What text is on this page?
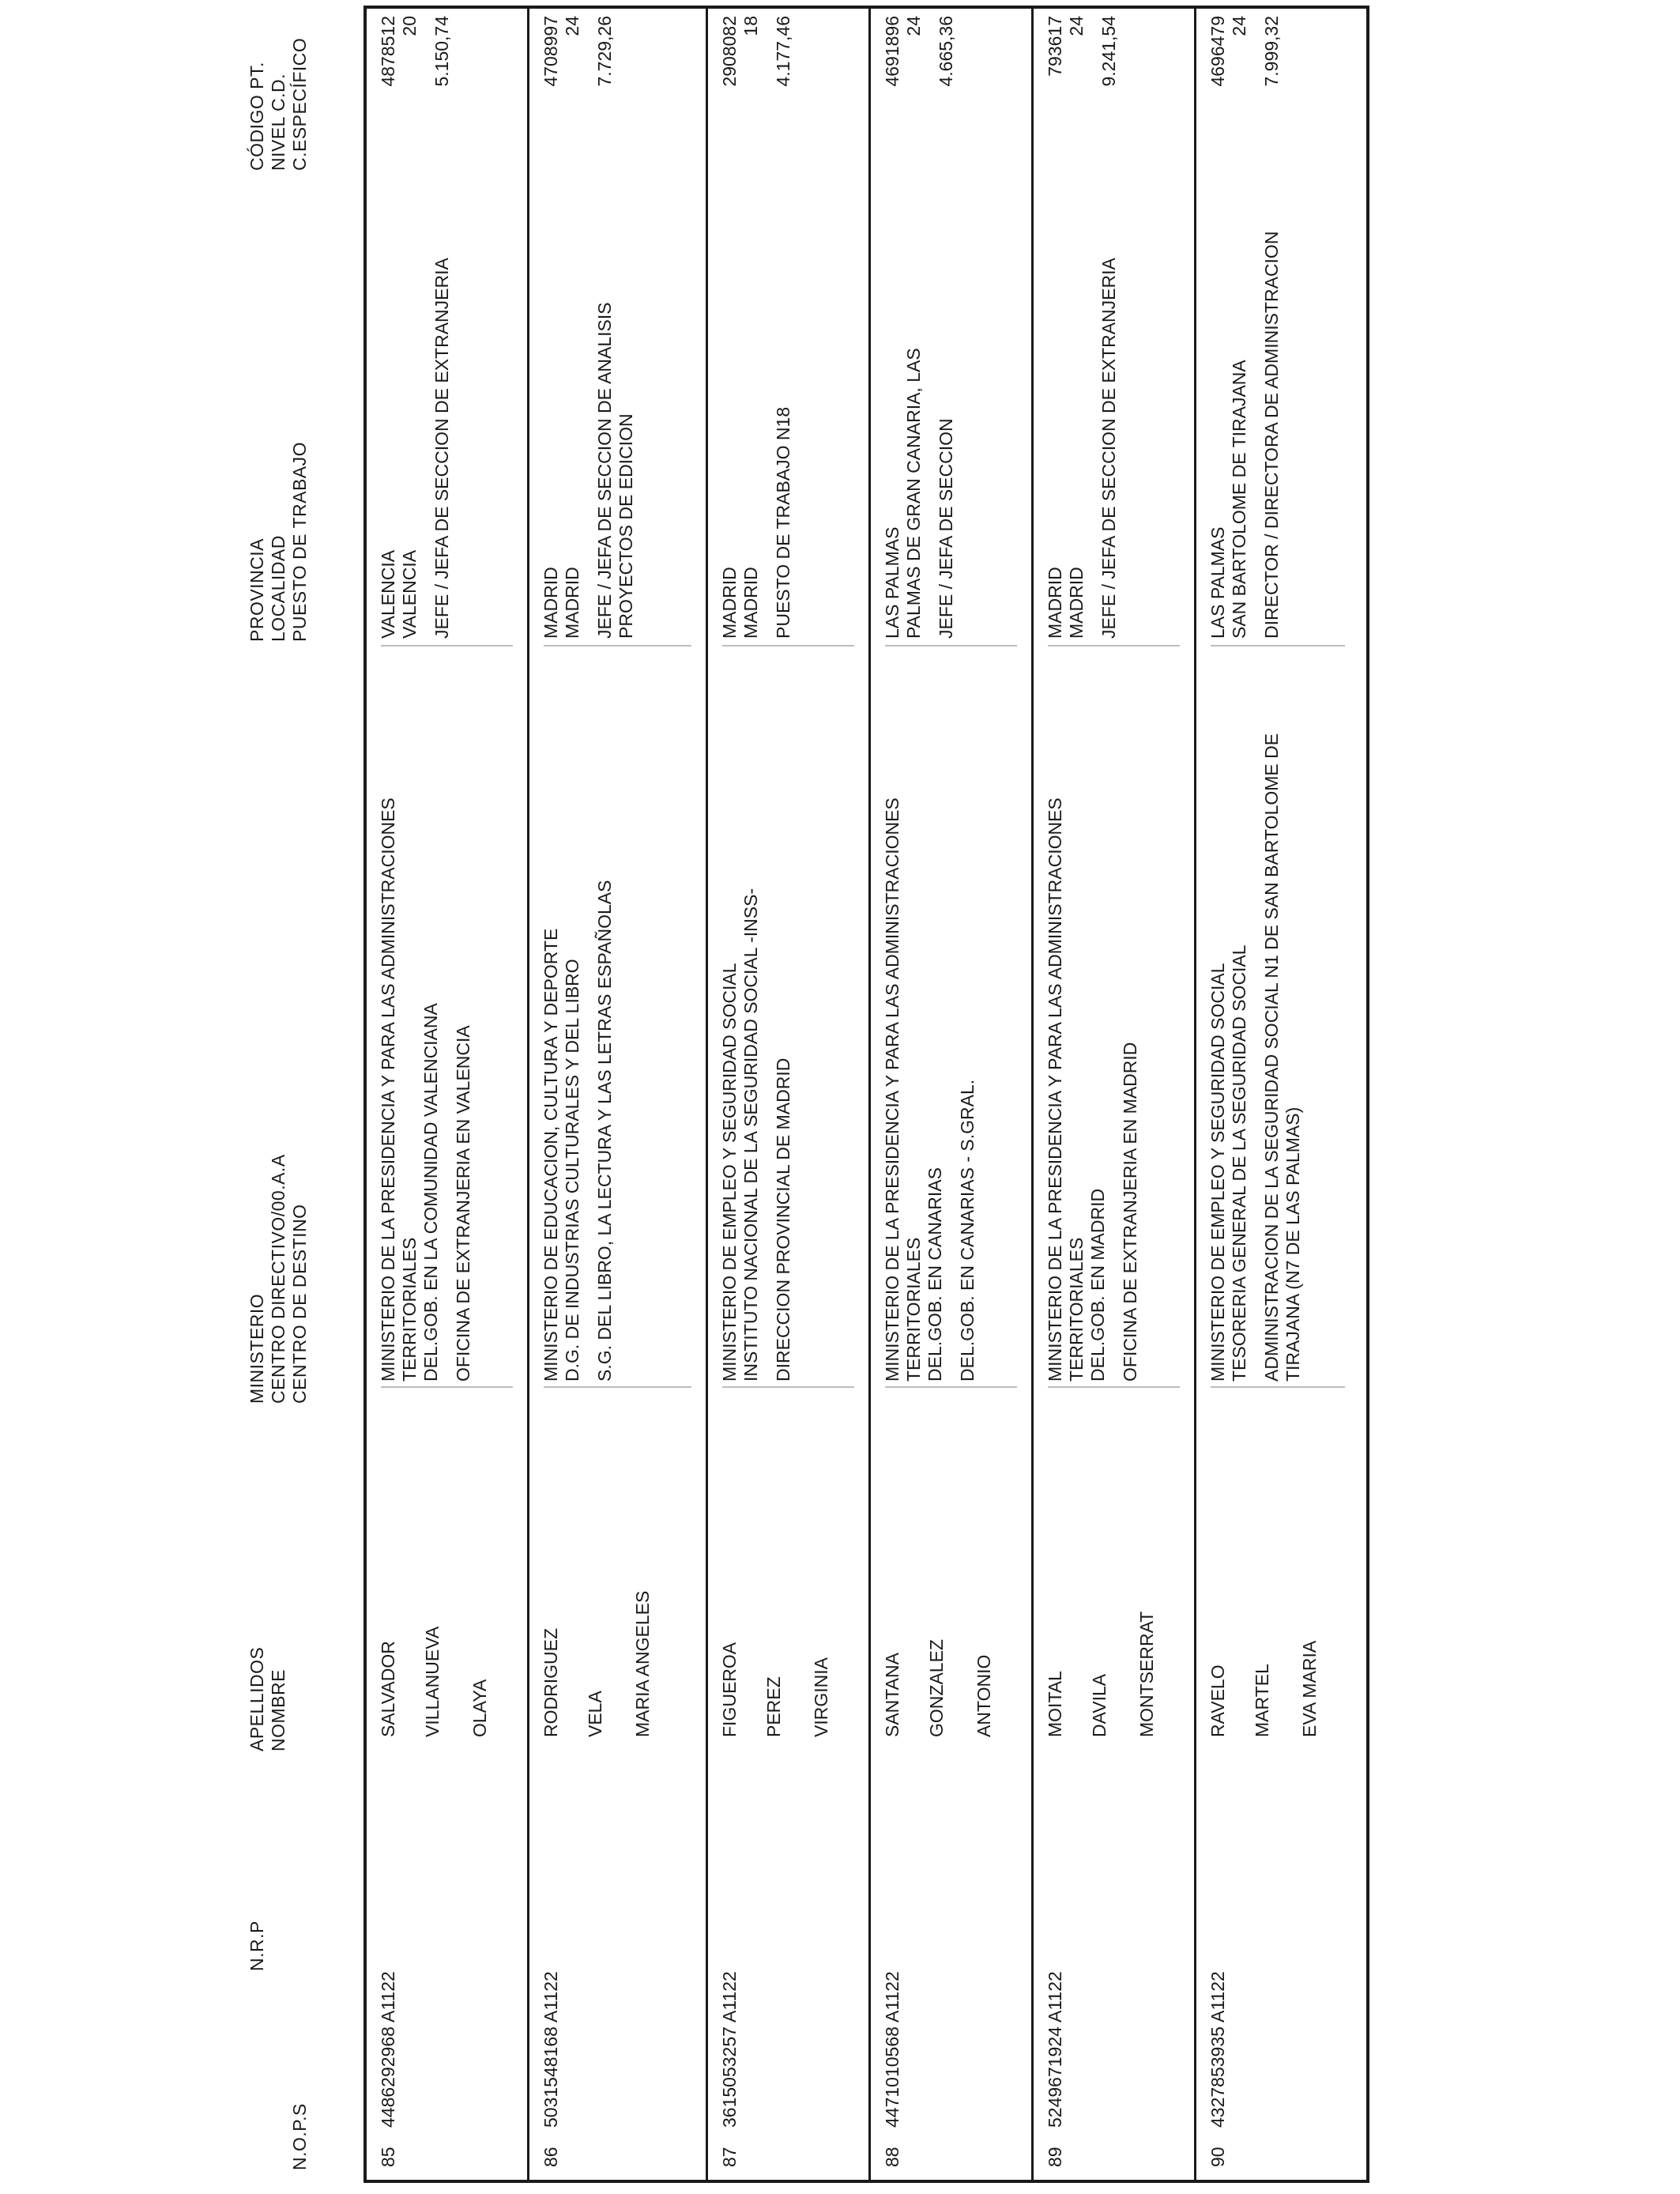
N.O.P.S
N.R.P
APELLIDOS NOMBRE
MINISTERIO CENTRO DIRECTIVO/00.A.A CENTRO DE DESTINO
PROVINCIA LOCALIDAD PUESTO DE TRABAJO
CÓDIGO PT. NIVEL C.D. C.ESPECÍFICO
85
4486292968 A1122
SALVADOR VILLANUEVA OLAYA
MINISTERIO DE LA PRESIDENCIA Y PARA LAS ADMINISTRACIONES TERRITORIALES DEL.GOB. EN LA COMUNIDAD VALENCIANA OFICINA DE EXTRANJERIA EN VALENCIA
VALENCIA VALENCIA JEFE / JEFA DE SECCION DE EXTRANJERIA
4878512 20 5.150,74
86
5031548168 A1122
RODRIGUEZ VELA MARIA ANGELES
MINISTERIO DE EDUCACION, CULTURA Y DEPORTE D.G. DE INDUSTRIAS CULTURALES Y DEL LIBRO S.G. DEL LIBRO, LA LECTURA Y LAS LETRAS ESPAÑOLAS
MADRID MADRID JEFE / JEFA DE SECCION DE ANALISIS PROYECTOS DE EDICION
4708997 24 7.729,26
87
3615053257 A1122
FIGUEROA PEREZ VIRGINIA
MINISTERIO DE EMPLEO Y SEGURIDAD SOCIAL INSTITUTO NACIONAL DE LA SEGURIDAD SOCIAL -INSS- DIRECCION PROVINCIAL DE MADRID
MADRID MADRID PUESTO DE TRABAJO N18
2908082 18 4.177,46
88
4471010568 A1122
SANTANA GONZALEZ ANTONIO
MINISTERIO DE LA PRESIDENCIA Y PARA LAS ADMINISTRACIONES TERRITORIALES DEL.GOB. EN CANARIAS DEL.GOB. EN CANARIAS - S.GRAL.
LAS PALMAS PALMAS DE GRAN CANARIA, LAS JEFE / JEFA DE SECCION
4691896 24 4.665,36
89
5249671924 A1122
MOITAL DAVILA MONTSERRAT
MINISTERIO DE LA PRESIDENCIA Y PARA LAS ADMINISTRACIONES TERRITORIALES DEL.GOB. EN MADRID OFICINA DE EXTRANJERIA EN MADRID
MADRID MADRID JEFE / JEFA DE SECCION DE EXTRANJERIA
793617 24 9.241,54
90
4327853935 A1122
RAVELO MARTEL EVA MARIA
MINISTERIO DE EMPLEO Y SEGURIDAD SOCIAL TESORERIA GENERAL DE LA SEGURIDAD SOCIAL ADMINISTRACION DE LA SEGURIDAD SOCIAL N1 DE SAN BARTOLOME DE TIRAJANA (N7 DE LAS PALMAS)
LAS PALMAS SAN BARTOLOME DE TIRAJANA DIRECTOR / DIRECTORA DE ADMINISTRACION
4696479 24 7.999,32
